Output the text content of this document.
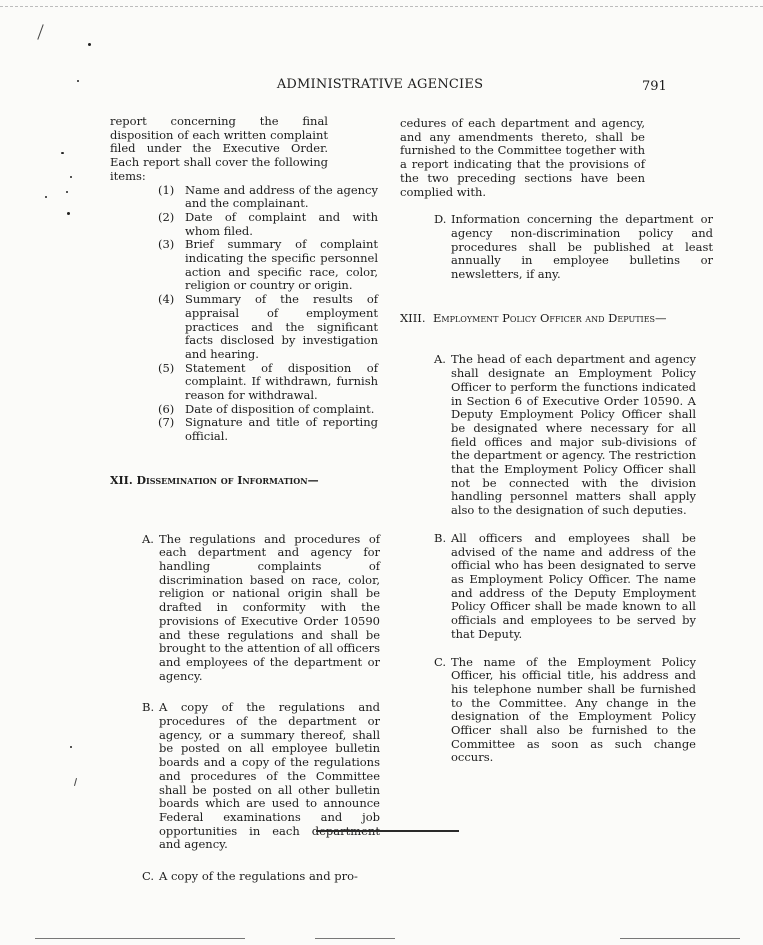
ADMINISTRATIVE AGENCIES	791

report concerning the final disposition of each written complaint filed under the Executive Order. Each report shall cover the following items:

(1) Name and address of the agency and the complainant.
(2) Date of complaint and with whom filed.
(3) Brief summary of complaint indicating the specific personnel action and specific race, color, religion or country or origin.
(4) Summary of the results of appraisal of employment practices and the significant facts disclosed by investigation and hearing.
(5) Statement of disposition of complaint. If withdrawn, furnish reason for withdrawal.
(6) Date of disposition of complaint.
(7) Signature and title of reporting official.
XII. Dissemination of Information—
A. The regulations and procedures of each department and agency for handling complaints of discrimination based on race, color, religion or national origin shall be drafted in conformity with the provisions of Executive Order 10590 and these regulations and shall be brought to the attention of all officers and employees of the department or agency.
B. A copy of the regulations and procedures of the department or agency, or a summary thereof, shall be posted on all employee bulletin boards and a copy of the regulations and procedures of the Committee shall be posted on all other bulletin boards which are used to announce Federal examinations and job opportunities in each department and agency.
C. A copy of the regulations and pro-

cedures of each department and agency, and any amendments thereto, shall be furnished to the Committee together with a report indicating that the provisions of the two preceding sections have been complied with.

D. Information concerning the department or agency non-discrimination policy and procedures shall be published at least annually in employee bulletins or newsletters, if any.
XIII. Employment Policy Officer and Deputies—
A. The head of each department and agency shall designate an Employment Policy Officer to perform the functions indicated in Section 6 of Executive Order 10590. A Deputy Employment Policy Officer shall be designated where necessary for all field offices and major sub-divisions of the department or agency. The restriction that the Employment Policy Officer shall not be connected with the division handling personnel matters shall apply also to the designation of such deputies.
B. All officers and employees shall be advised of the name and address of the official who has been designated to serve as Employment Policy Officer. The name and address of the Deputy Employment Policy Officer shall be made known to all officials and employees to be served by that Deputy.
C. The name of the Employment Policy Officer, his official title, his address and his telephone number shall be furnished to the Committee. Any change in the designation of the Employment Policy Officer shall also be furnished to the Committee as soon as such change occurs.
